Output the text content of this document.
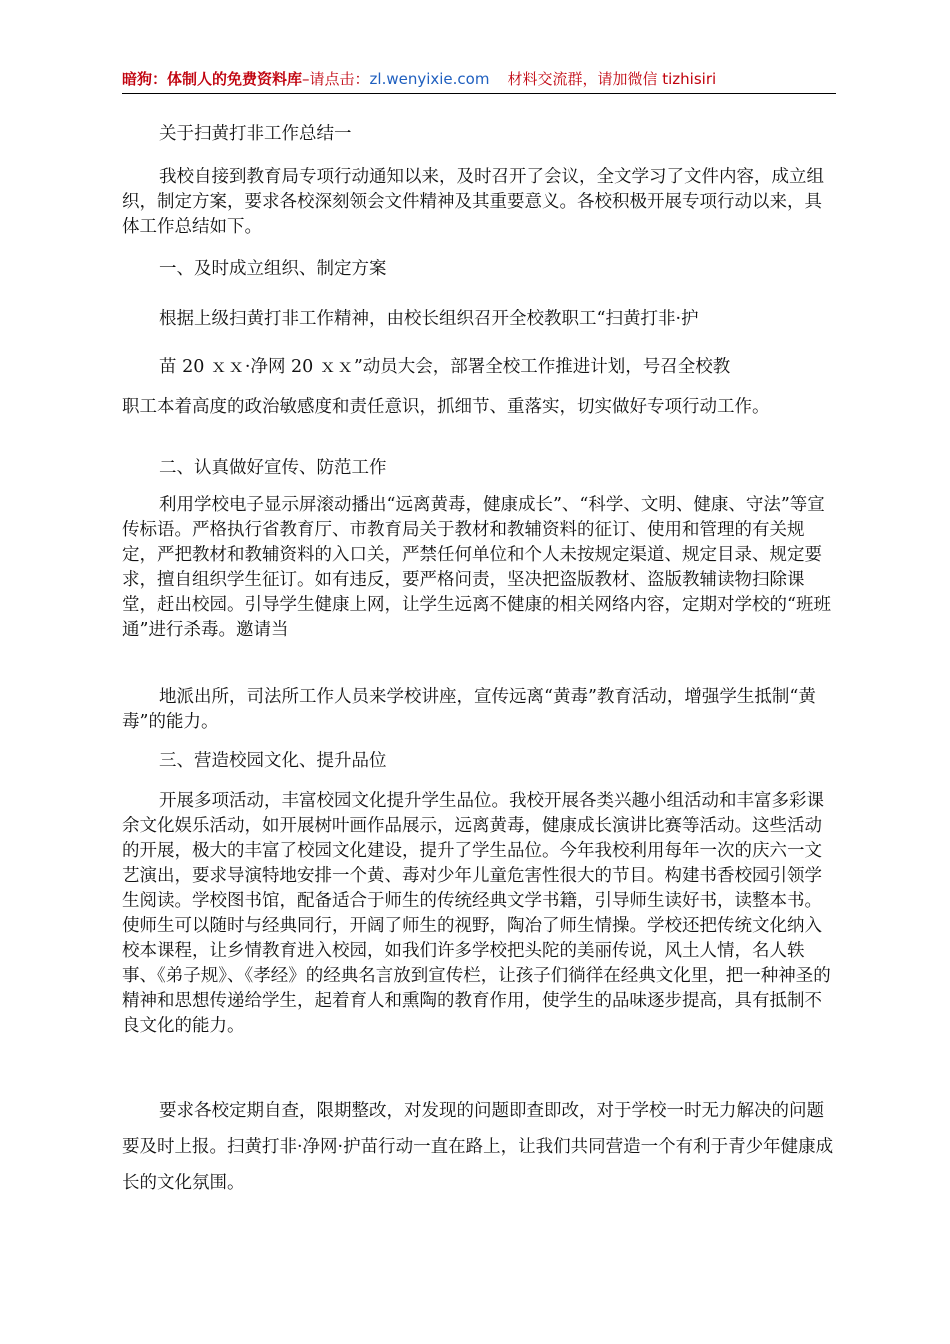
暗狗：体制人的免费资料库–请点击：zl.wenyixie.com 材料交流群，请加微信 tizhisiri
关于扫黄打非工作总结一

我校自接到教育局专项行动通知以来，及时召开了会议，全文学习了文件内容，成立组织，制定方案，要求各校深刻领会文件精神及其重要意义。各校积极开展专项行动以来，具体工作总结如下。

一、及时成立组织、制定方案

根据上级扫黄打非工作精神，由校长组织召开全校教职工“扫黄打非·护

苗 20 ｘｘ·净网 20 ｘｘ”动员大会，部署全校工作推进计划，号召全校教

职工本着高度的政治敏感度和责任意识，抓细节、重落实，切实做好专项行动工作。

二、认真做好宣传、防范工作

利用学校电子显示屏滚动播出“远离黄毒，健康成长”、“科学、文明、健康、守法”等宣传标语。严格执行省教育厅、市教育局关于教材和教辅资料的征订、使用和管理的有关规定，严把教材和教辅资料的入口关，严禁任何单位和个人未按规定渠道、规定目录、规定要求，擅自组织学生征订。如有违反，要严格问责，坚决把盗版教材、盗版教辅读物扫除课堂，赶出校园。引导学生健康上网，让学生远离不健康的相关网络内容，定期对学校的“班班通”进行杀毒。邀请当

地派出所，司法所工作人员来学校讲座，宣传远离“黄毒”教育活动，增强学生抵制“黄毒”的能力。

三、营造校园文化、提升品位

开展多项活动，丰富校园文化提升学生品位。我校开展各类兴趣小组活动和丰富多彩课余文化娱乐活动，如开展树叶画作品展示，远离黄毒，健康成长演讲比赛等活动。这些活动的开展，极大的丰富了校园文化建设，提升了学生品位。今年我校利用每年一次的庆六一文艺演出，要求导演特地安排一个黄、毒对少年儿童危害性很大的节目。构建书香校园引领学生阅读。学校图书馆，配备适合于师生的传统经典文学书籍，引导师生读好书，读整本书。使师生可以随时与经典同行，开阔了师生的视野，陶冶了师生情操。学校还把传统文化纳入校本课程，让乡情教育进入校园，如我们许多学校把头陀的美丽传说，风土人情，名人轶事、《弟子规》、《孝经》的经典名言放到宣传栏，让孩子们徜徉在经典文化里，把一种神圣的精神和思想传递给学生，起着育人和熏陶的教育作用，使学生的品味逐步提高，具有抵制不良文化的能力。

要求各校定期自查，限期整改，对发现的问题即查即改，对于学校一时无力解决的问题要及时上报。扫黄打非·净网·护苗行动一直在路上，让我们共同营造一个有利于青少年健康成长的文化氛围。
